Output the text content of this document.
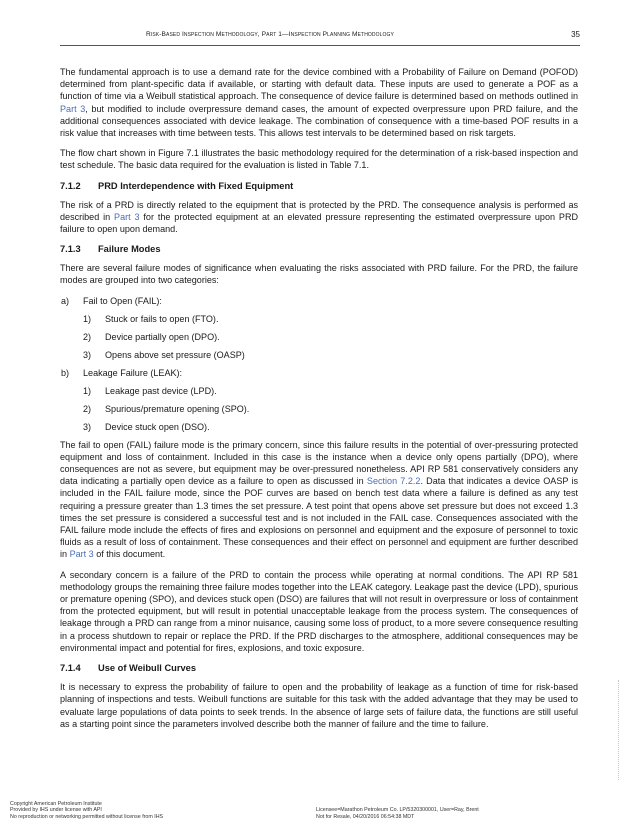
Risk-Based Inspection Methodology, Part 1—Inspection Planning Methodology	35

The fundamental approach is to use a demand rate for the device combined with a Probability of Failure on Demand (POFOD) determined from plant-specific data if available, or starting with default data. These inputs are used to generate a POF as a function of time via a Weibull statistical approach. The consequence of device failure is determined based on methods outlined in Part 3, but modified to include overpressure demand cases, the amount of expected overpressure upon PRD failure, and the additional consequences associated with device leakage. The combination of consequence with a time-based POF results in a risk value that increases with time between tests. This allows test intervals to be determined based on risk targets.

The flow chart shown in Figure 7.1 illustrates the basic methodology required for the determination of a risk-based inspection and test schedule. The basic data required for the evaluation is listed in Table 7.1.

7.1.2 PRD Interdependence with Fixed Equipment

The risk of a PRD is directly related to the equipment that is protected by the PRD. The consequence analysis is performed as described in Part 3 for the protected equipment at an elevated pressure representing the estimated overpressure upon PRD failure to open upon demand.

7.1.3 Failure Modes

There are several failure modes of significance when evaluating the risks associated with PRD failure. For the PRD, the failure modes are grouped into two categories:

a)	Fail to Open (FAIL):
1)	Stuck or fails to open (FTO).
2)	Device partially open (DPO).
3)	Opens above set pressure (OASP)
b)	Leakage Failure (LEAK):
1)	Leakage past device (LPD).
2)	Spurious/premature opening (SPO).
3)	Device stuck open (DSO).

The fail to open (FAIL) failure mode is the primary concern, since this failure results in the potential of over-pressuring protected equipment and loss of containment. Included in this case is the instance when a device only opens partially (DPO), where consequences are not as severe, but equipment may be over-pressured nonetheless. API RP 581 conservatively considers any data indicating a partially open device as a failure to open as discussed in Section 7.2.2. Data that indicates a device OASP is included in the FAIL failure mode, since the POF curves are based on bench test data where a failure is defined as any test requiring a pressure greater than 1.3 times the set pressure. A test point that opens above set pressure but does not exceed 1.3 times the set pressure is considered a successful test and is not included in the FAIL case. Consequences associated with the FAIL failure mode include the effects of fires and explosions on personnel and equipment and the exposure of personnel to toxic fluids as a result of loss of containment. These consequences and their effect on personnel and equipment are further described in Part 3 of this document.

A secondary concern is a failure of the PRD to contain the process while operating at normal conditions. The API RP 581 methodology groups the remaining three failure modes together into the LEAK category. Leakage past the device (LPD), spurious or premature opening (SPO), and devices stuck open (DSO) are failures that will not result in overpressure or loss of containment from the protected equipment, but will result in potential unacceptable leakage from the process system. The consequences of leakage through a PRD can range from a minor nuisance, causing some loss of product, to a more severe consequence resulting in a process shutdown to repair or replace the PRD. If the PRD discharges to the atmosphere, additional consequences may be environmental impact and potential for fires, explosions, and toxic exposure.

7.1.4 Use of Weibull Curves

It is necessary to express the probability of failure to open and the probability of leakage as a function of time for risk-based planning of inspections and tests. Weibull functions are suitable for this task with the added advantage that they may be used to evaluate large populations of data points to seek trends. In the absence of large sets of failure data, the functions are still useful as a starting point since the parameters involved describe both the manner of failure and the time to failure.

Copyright American Petroleum Institute
Provided by IHS under license with API
No reproduction or networking permitted without license from IHS
Licensee=Marathon Petroleum Co. LP/5320300001, User=Ray, Brent
Not for Resale, 04/20/2016 06:54:38 MDT
